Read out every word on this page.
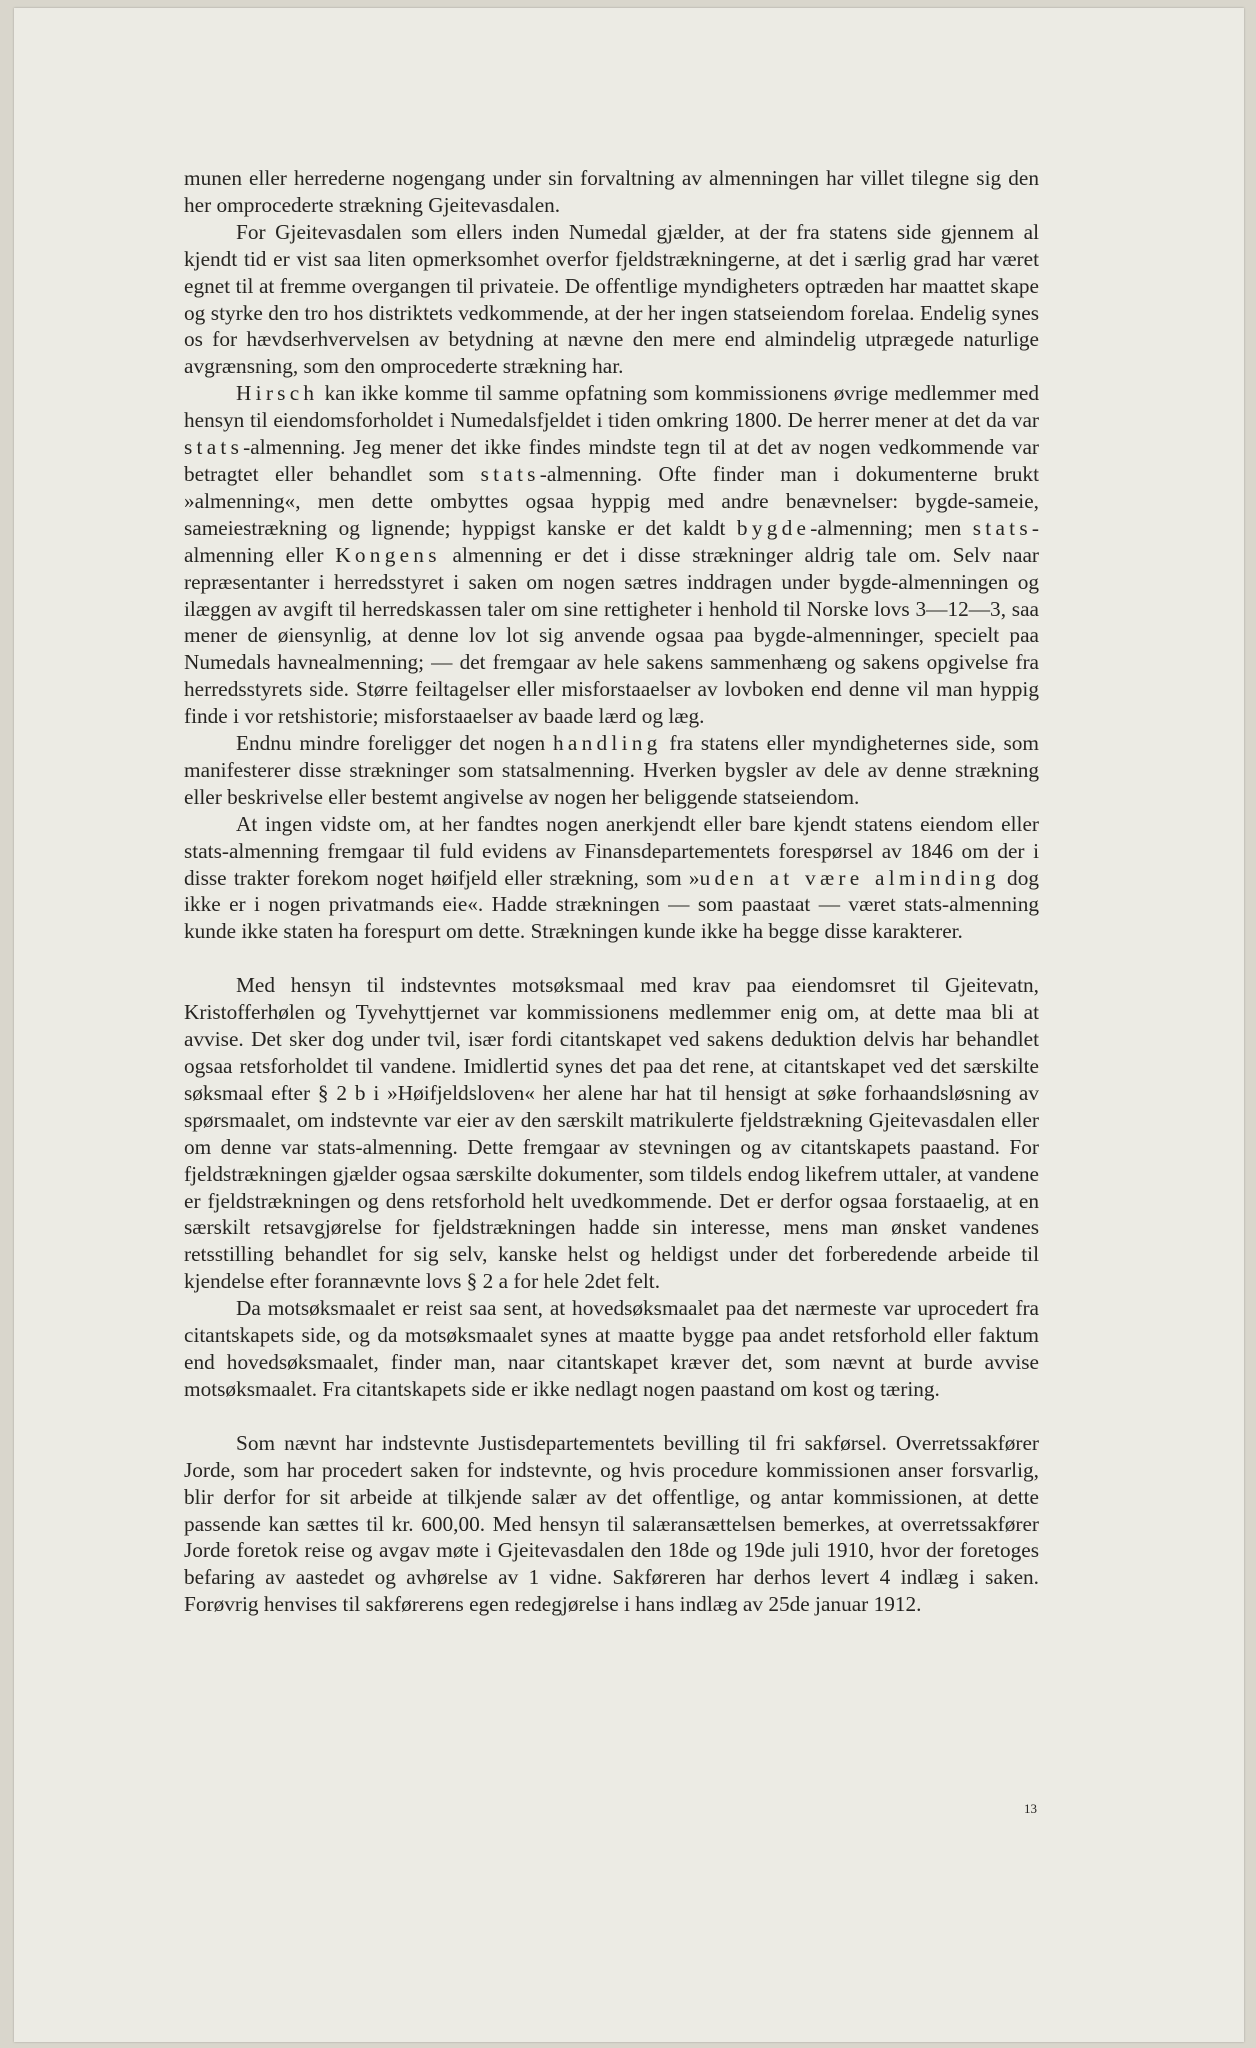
munen eller herrederne nogengang under sin forvaltning av almenningen har villet tilegne sig den her omprocederte strækning Gjeitevasdalen.

For Gjeitevasdalen som ellers inden Numedal gjælder, at der fra statens side gjennem al kjendt tid er vist saa liten opmerksomhet overfor fjeldstrækningerne, at det i særlig grad har været egnet til at fremme overgangen til privateie. De offentlige myndigheters optræden har maattet skape og styrke den tro hos distriktets vedkommende, at der her ingen statseiendom forelaa. Endelig synes os for hævdserhvervelsen av betydning at nævne den mere end almindelig utprægede naturlige avgrænsning, som den omprocederte strækning har.

Hirsch kan ikke komme til samme opfatning som kommissionens øvrige medlemmer med hensyn til eiendomsforholdet i Numedalsfjeldet i tiden omkring 1800. De herrer mener at det da var stats-almenning. Jeg mener det ikke findes mindste tegn til at det av nogen vedkommende var betragtet eller behandlet som stats-almenning. Ofte finder man i dokumenterne brukt »almenning«, men dette ombyttes ogsaa hyppig med andre benævnelser: bygde-sameie, sameiestrækning og lignende; hyppigst kanske er det kaldt bygde-almenning; men stats-almenning eller Kongens almenning er det i disse strækninger aldrig tale om. Selv naar repræsentanter i herredsstyret i saken om nogen sætres inddragen under bygde-almenningen og ilæggen av avgift til herredskassen taler om sine rettigheter i henhold til Norske lovs 3—12—3, saa mener de øiensynlig, at denne lov lot sig anvende ogsaa paa bygde-almenninger, specielt paa Numedals havnealmenning; — det fremgaar av hele sakens sammenhæng og sakens opgivelse fra herredsstyrets side. Større feiltagelser eller misforstaaelser av lovboken end denne vil man hyppig finde i vor retshistorie; misforstaaelser av baade lærd og læg.

Endnu mindre foreligger det nogen handling fra statens eller myndigheternes side, som manifesterer disse strækninger som statsalmenning. Hverken bygsler av dele av denne strækning eller beskrivelse eller bestemt angivelse av nogen her beliggende statseiendom.

At ingen vidste om, at her fandtes nogen anerkjendt eller bare kjendt statens eiendom eller stats-almenning fremgaar til fuld evidens av Finansdepartementets forespørsel av 1846 om der i disse trakter forekom noget høifjeld eller strækning, som »uden at være alminding dog ikke er i nogen privatmands eie«. Hadde strækningen — som paastaat — været stats-almenning kunde ikke staten ha forespurt om dette. Strækningen kunde ikke ha begge disse karakterer.

Med hensyn til indstevntes motsøksmaal med krav paa eiendomsret til Gjeitevatn, Kristofferhølen og Tyvehyttjernet var kommissionens medlemmer enig om, at dette maa bli at avvise. Det sker dog under tvil, især fordi citantskapet ved sakens deduktion delvis har behandlet ogsaa retsforholdet til vandene. Imidlertid synes det paa det rene, at citantskapet ved det særskilte søksmaal efter § 2 b i »Høifjeldsloven« her alene har hat til hensigt at søke forhaandsløsning av spørsmaalet, om indstevnte var eier av den særskilt matrikulerte fjeldstrækning Gjeitevasdalen eller om denne var stats-almenning. Dette fremgaar av stevningen og av citantskapets paastand. For fjeldstrækningen gjælder ogsaa særskilte dokumenter, som tildels endog likefrem uttaler, at vandene er fjeldstrækningen og dens retsforhold helt uvedkommende. Det er derfor ogsaa forstaaelig, at en særskilt retsavgjørelse for fjeldstrækningen hadde sin interesse, mens man ønsket vandenes retsstilling behandlet for sig selv, kanske helst og heldigst under det forberedende arbeide til kjendelse efter forannævnte lovs § 2 a for hele 2det felt.

Da motsøksmaalet er reist saa sent, at hovedsøksmaalet paa det nærmeste var uprocedert fra citantskapets side, og da motsøksmaalet synes at maatte bygge paa andet retsforhold eller faktum end hovedsøksmaalet, finder man, naar citantskapet kræver det, som nævnt at burde avvise motsøksmaalet. Fra citantskapets side er ikke nedlagt nogen paastand om kost og tæring.

Som nævnt har indstevnte Justisdepartementets bevilling til fri sakførsel. Overretssakfører Jorde, som har procedert saken for indstevnte, og hvis procedure kommissionen anser forsvarlig, blir derfor for sit arbeide at tilkjende salær av det offentlige, og antar kommissionen, at dette passende kan sættes til kr. 600,00. Med hensyn til salæransættelsen bemerkes, at overretssakfører Jorde foretok reise og avgav møte i Gjeitevasdalen den 18de og 19de juli 1910, hvor der foretoges befaring av aastedet og avhørelse av 1 vidne. Sakføreren har derhos levert 4 indlæg i saken. Forøvrig henvises til sakførerens egen redegjørelse i hans indlæg av 25de januar 1912.

13
